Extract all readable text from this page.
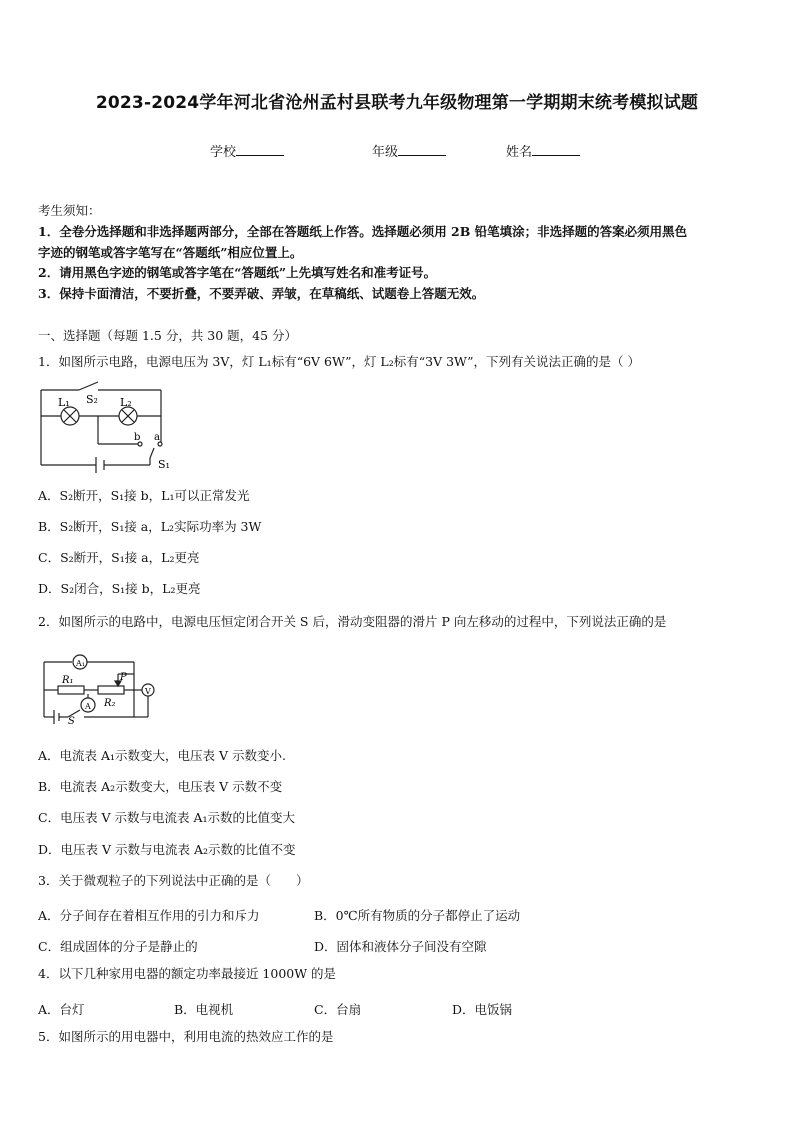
2023-2024学年河北省沧州孟村县联考九年级物理第一学期期末统考模拟试题
学校	年级	姓名
考生须知：
1．全卷分选择题和非选择题两部分，全部在答题纸上作答。选择题必须用 2B 铅笔填涂；非选择题的答案必须用黑色
字迹的钢笔或答字笔写在“答题纸”相应位置上。
2．请用黑色字迹的钢笔或答字笔在“答题纸”上先填写姓名和准考证号。
3．保持卡面清洁，不要折叠，不要弄破、弄皱，在草稿纸、试题卷上答题无效。
一、选择题（每题 1.5 分，共 30 题，45 分）
1．如图所示电路，电源电压为 3V，灯 L₁标有“6V 6W”，灯 L₂标有“3V 3W”，下列有关说法正确的是（ ）
L₁	L₂
S₂
b a
S₁
A．S₂断开，S₁接 b，L₁可以正常发光
B．S₂断开，S₁接 a，L₂实际功率为 3W
C．S₂断开，S₁接 a，L₂更亮
D．S₂闭合，S₁接 b，L₂更亮
2．如图所示的电路中，电源电压恒定闭合开关 S 后，滑动变阻器的滑片 P 向左移动的过程中，下列说法正确的是
A₁
R₁	P
R₂
V
A
S
A．电流表 A₁示数变大，电压表 V 示数变小.
B．电流表 A₂示数变大，电压表 V 示数不变
C．电压表 V 示数与电流表 A₁示数的比值变大
D．电压表 V 示数与电流表 A₂示数的比值不变
3．关于微观粒子的下列说法中正确的是（　　）
A．分子间存在着相互作用的引力和斥力	B．0℃所有物质的分子都停止了运动
C．组成固体的分子是静止的	D．固体和液体分子间没有空隙
4．以下几种家用电器的额定功率最接近 1000W 的是
A．台灯	B．电视机	C．台扇	D．电饭锅
5．如图所示的用电器中，利用电流的热效应工作的是
